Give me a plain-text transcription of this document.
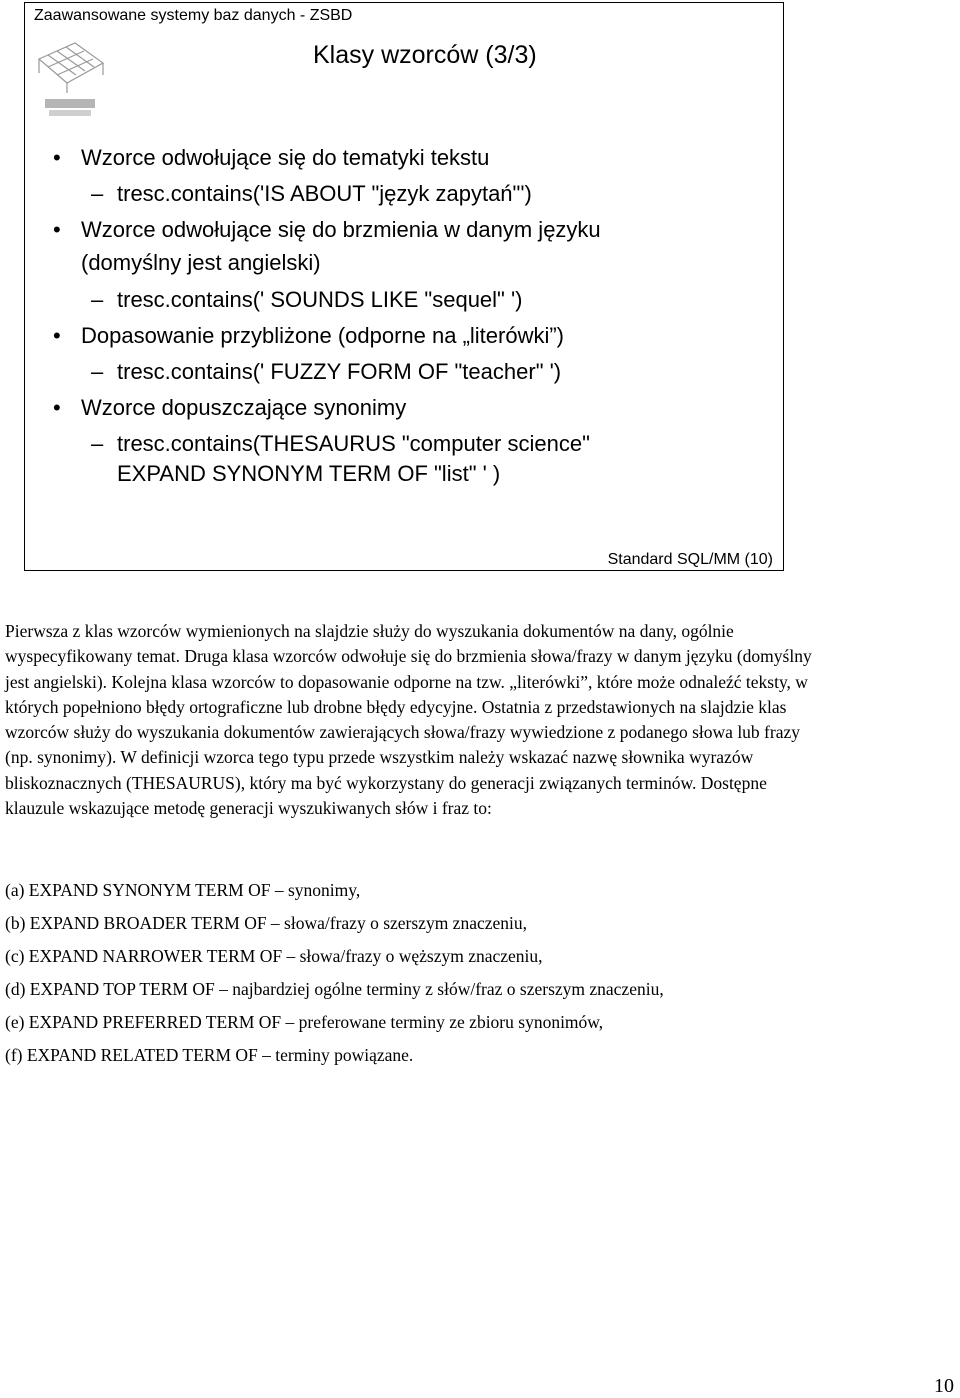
Zaawansowane systemy baz danych - ZSBD
Klasy wzorców (3/3)
• Wzorce odwołujące się do tematyki tekstu
– tresc.contains('IS ABOUT "język zapytań"')
• Wzorce odwołujące się do brzmienia w danym języku
(domyślny jest angielski)
– tresc.contains(' SOUNDS LIKE "sequel" ')
• Dopasowanie przybliżone (odporne na „literówki”)
– tresc.contains(' FUZZY FORM OF "teacher" ')
• Wzorce dopuszczające synonimy
– tresc.contains(THESAURUS "computer science"
EXPAND SYNONYM TERM OF "list" ' )
Standard SQL/MM (10)

Pierwsza z klas wzorców wymienionych na slajdzie służy do wyszukania dokumentów na dany, ogólnie wyspecyfikowany temat. Druga klasa wzorców odwołuje się do brzmienia słowa/frazy w danym języku (domyślny jest angielski). Kolejna klasa wzorców to dopasowanie odporne na tzw. „literówki”, które może odnaleźć teksty, w których popełniono błędy ortograficzne lub drobne błędy edycyjne. Ostatnia z przedstawionych na slajdzie klas wzorców służy do wyszukania dokumentów zawierających słowa/frazy wywiedzione z podanego słowa lub frazy (np. synonimy). W definicji wzorca tego typu przede wszystkim należy wskazać nazwę słownika wyrazów bliskoznacznych (THESAURUS), który ma być wykorzystany do generacji związanych terminów. Dostępne klauzule wskazujące metodę generacji wyszukiwanych słów i fraz to:

(a) EXPAND SYNONYM TERM OF – synonimy,
(b) EXPAND BROADER TERM OF – słowa/frazy o szerszym znaczeniu,
(c) EXPAND NARROWER TERM OF – słowa/frazy o węższym znaczeniu,
(d) EXPAND TOP TERM OF – najbardziej ogólne terminy z słów/fraz o szerszym znaczeniu,
(e) EXPAND PREFERRED TERM OF – preferowane terminy ze zbioru synonimów,
(f) EXPAND RELATED TERM OF – terminy powiązane.
10
